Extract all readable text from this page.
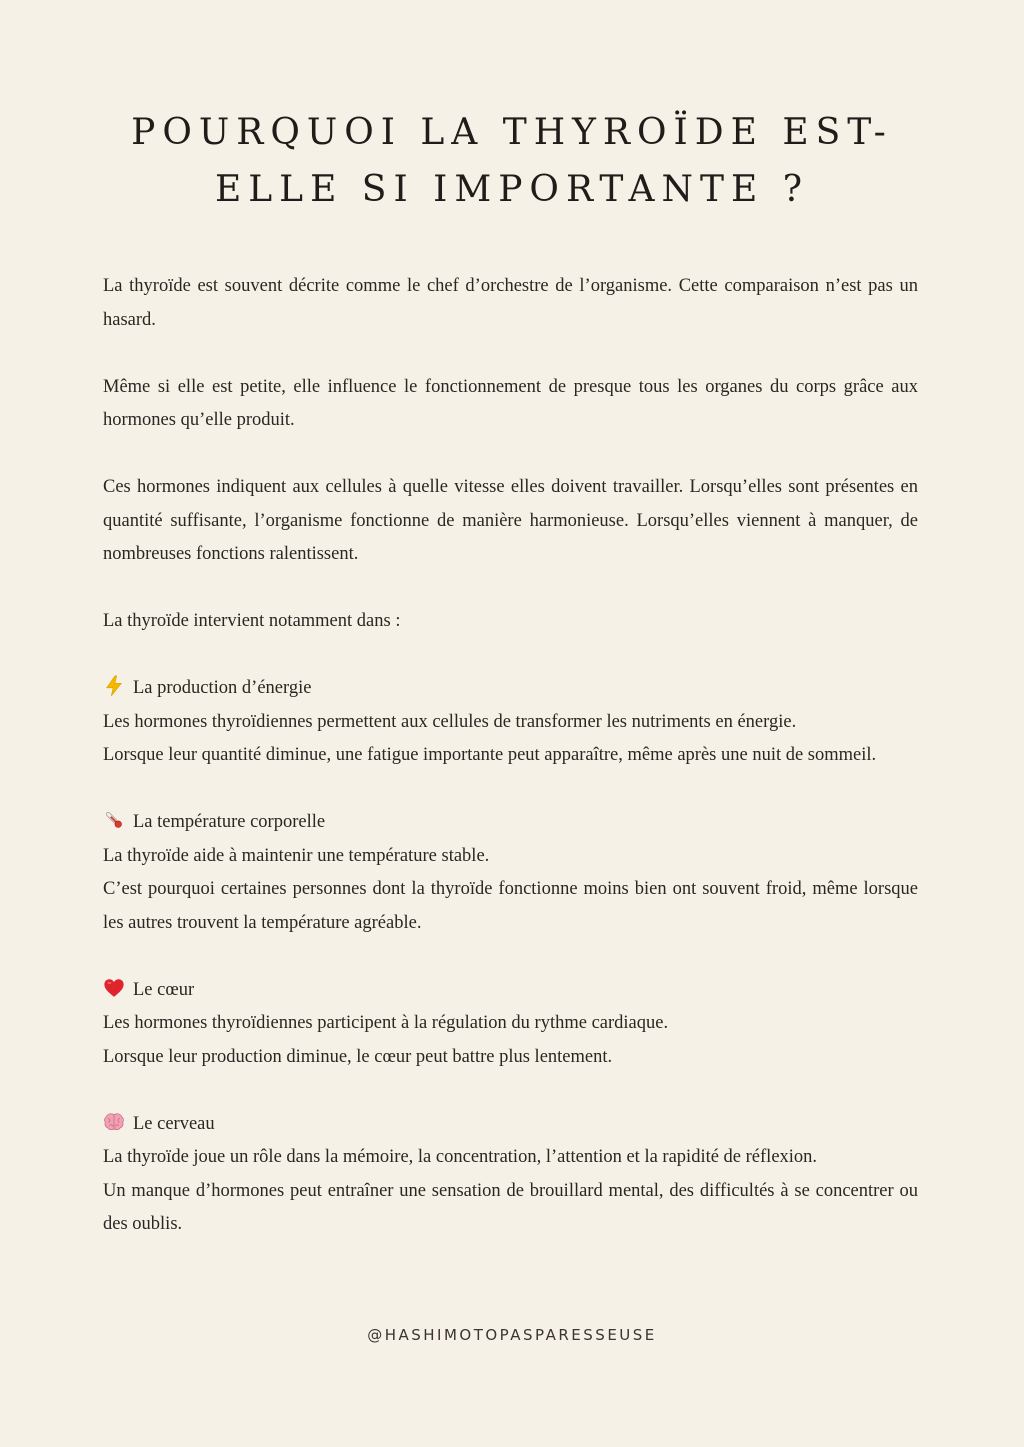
POURQUOI LA THYROÏDE EST-
ELLE SI IMPORTANTE ?

La thyroïde est souvent décrite comme le chef d’orchestre de l’organisme. Cette comparaison n’est pas un hasard.

Même si elle est petite, elle influence le fonctionnement de presque tous les organes du corps grâce aux hormones qu’elle produit.

Ces hormones indiquent aux cellules à quelle vitesse elles doivent travailler. Lorsqu’elles sont présentes en quantité suffisante, l’organisme fonctionne de manière harmonieuse. Lorsqu’elles viennent à manquer, de nombreuses fonctions ralentissent.

La thyroïde intervient notamment dans :

La production d’énergie
Les hormones thyroïdiennes permettent aux cellules de transformer les nutriments en énergie.
Lorsque leur quantité diminue, une fatigue importante peut apparaître, même après une nuit de sommeil.
La température corporelle
La thyroïde aide à maintenir une température stable.
C’est pourquoi certaines personnes dont la thyroïde fonctionne moins bien ont souvent froid, même lorsque les autres trouvent la température agréable.
Le cœur
Les hormones thyroïdiennes participent à la régulation du rythme cardiaque.
Lorsque leur production diminue, le cœur peut battre plus lentement.
Le cerveau
La thyroïde joue un rôle dans la mémoire, la concentration, l’attention et la rapidité de réflexion.
Un manque d’hormones peut entraîner une sensation de brouillard mental, des difficultés à se concentrer ou des oublis.
@HASHIMOTOPASPARESSEUSE
